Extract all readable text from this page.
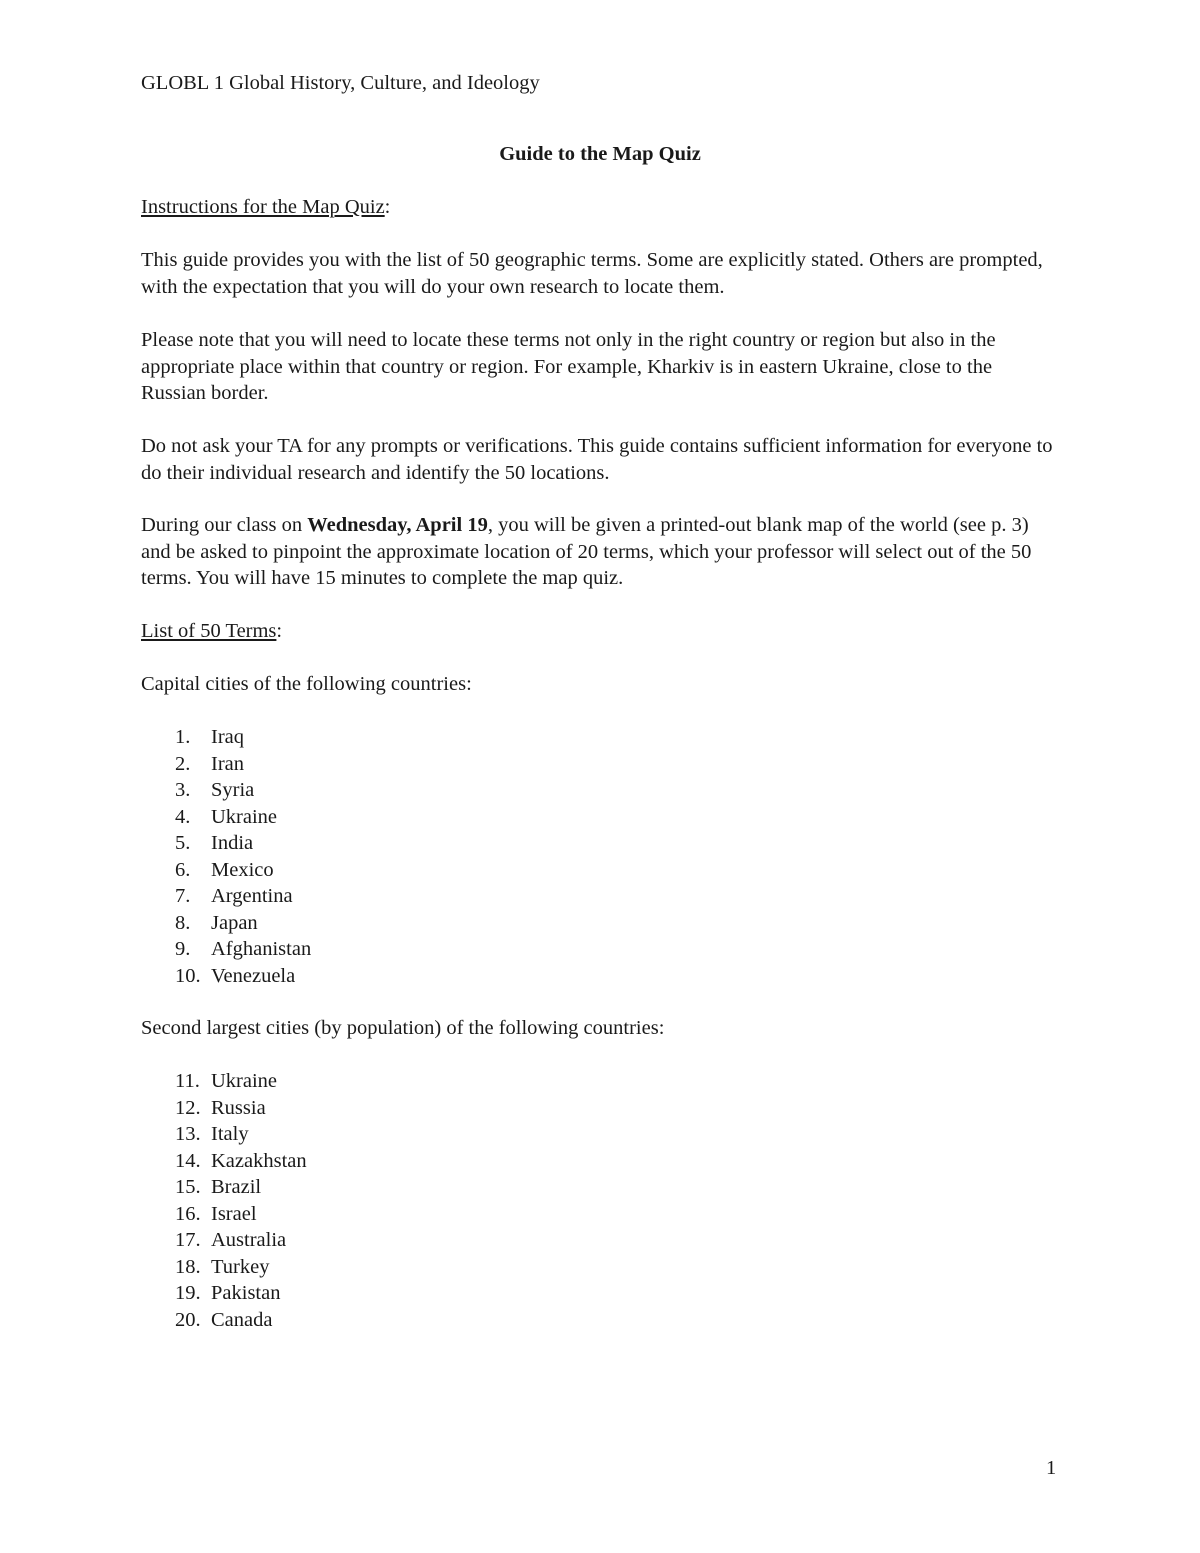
GLOBL 1 Global History, Culture, and Ideology
Guide to the Map Quiz

Instructions for the Map Quiz:

This guide provides you with the list of 50 geographic terms. Some are explicitly stated. Others are prompted, with the expectation that you will do your own research to locate them.

Please note that you will need to locate these terms not only in the right country or region but also in the appropriate place within that country or region. For example, Kharkiv is in eastern Ukraine, close to the Russian border.

Do not ask your TA for any prompts or verifications. This guide contains sufficient information for everyone to do their individual research and identify the 50 locations.

During our class on Wednesday, April 19, you will be given a printed-out blank map of the world (see p. 3) and be asked to pinpoint the approximate location of 20 terms, which your professor will select out of the 50 terms. You will have 15 minutes to complete the map quiz.

List of 50 Terms:

Capital cities of the following countries:

1.	Iraq
2.	Iran
3.	Syria
4.	Ukraine
5.	India
6.	Mexico
7.	Argentina
8.	Japan
9.	Afghanistan
10. Venezuela

Second largest cities (by population) of the following countries:

11. Ukraine
12. Russia
13. Italy
14. Kazakhstan
15. Brazil
16. Israel
17. Australia
18. Turkey
19. Pakistan
20. Canada
1
